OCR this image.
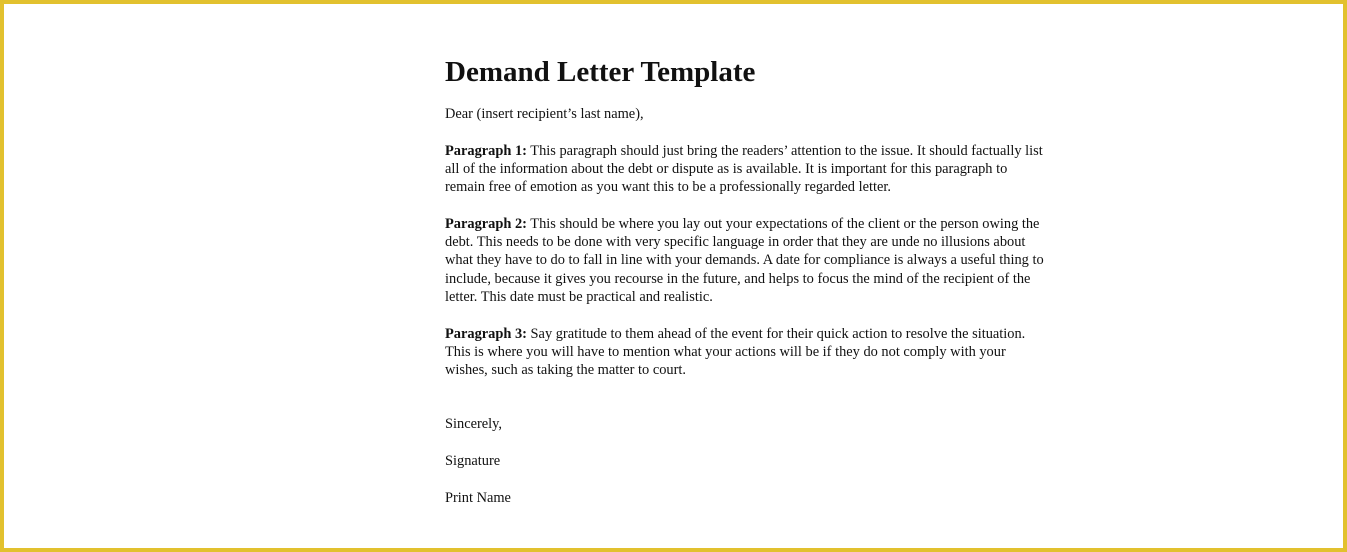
Demand Letter Template

Dear (insert recipient’s last name),

Paragraph 1: This paragraph should just bring the readers’ attention to the issue. It should factually list all of the information about the debt or dispute as is available. It is important for this paragraph to remain free of emotion as you want this to be a professionally regarded letter.

Paragraph 2: This should be where you lay out your expectations of the client or the person owing the debt. This needs to be done with very specific language in order that they are unde no illusions about what they have to do to fall in line with your demands. A date for compliance is always a useful thing to include, because it gives you recourse in the future, and helps to focus the mind of the recipient of the letter. This date must be practical and realistic.

Paragraph 3: Say gratitude to them ahead of the event for their quick action to resolve the situation. This is where you will have to mention what your actions will be if they do not comply with your wishes, such as taking the matter to court.

Sincerely,

Signature

Print Name
